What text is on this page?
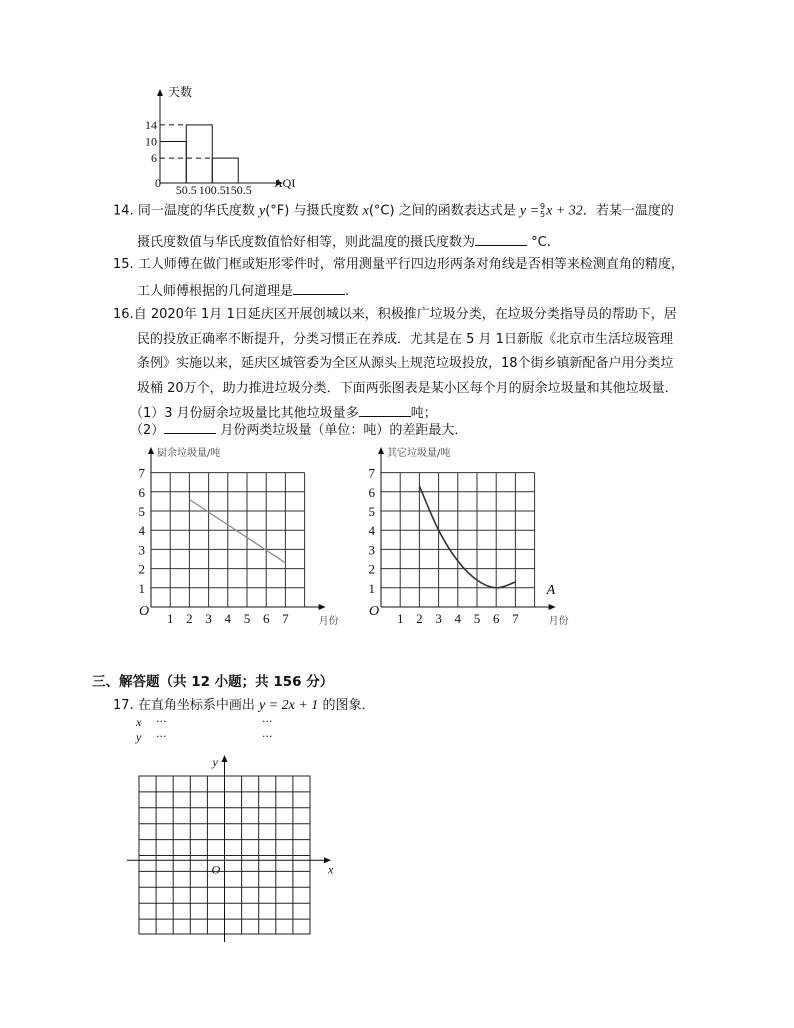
天数
AQI
0
6
10
14
50.5 100.5
150.5
14. 同一温度的华氏度数 y(°F) 与摄氏度数 x(°C) 之间的函数表达式是 y =9
5x + 32．若某一温度的
摄氏度数值与华氏度数值恰好相等，则此温度的摄氏度数为	°C.
15. 工人师傅在做门框或矩形零件时，常用测量平行四边形两条对角线是否相等来检测直角的精度，
工人师傅根据的几何道理是	.
16.自 2020年 1月 1日延庆区开展创城以来，积极推广垃圾分类，在垃圾分类指导员的帮助下，居
民的投放正确率不断提升，分类习惯正在养成．尤其是在 5 月 1日新版《北京市生活垃圾管理
条例》实施以来，延庆区城管委为全区从源头上规范垃圾投放，18个街乡镇新配备户用分类垃
圾桶 20万个，助力推进垃圾分类．下面两张图表是某小区每个月的厨余垃圾量和其他垃圾量．
（1）3 月份厨余垃圾量比其他垃圾量多	吨；
（2）	月份两类垃圾量（单位：吨）的差距最大．
厨余垃圾量/吨
月份
O
1
2
3
4
5
6
7
1 2 3 4 5 6 7
其它垃圾量/吨
月份
O
1
2
3
4
5
6
7
1 2 3 4 5 6 7
A
三、解答题（共 12 小题；共 156 分）
17. 在直角坐标系中画出 y = 2x + 1 的图象．
x ···	···
y ···	···
y
x
O
